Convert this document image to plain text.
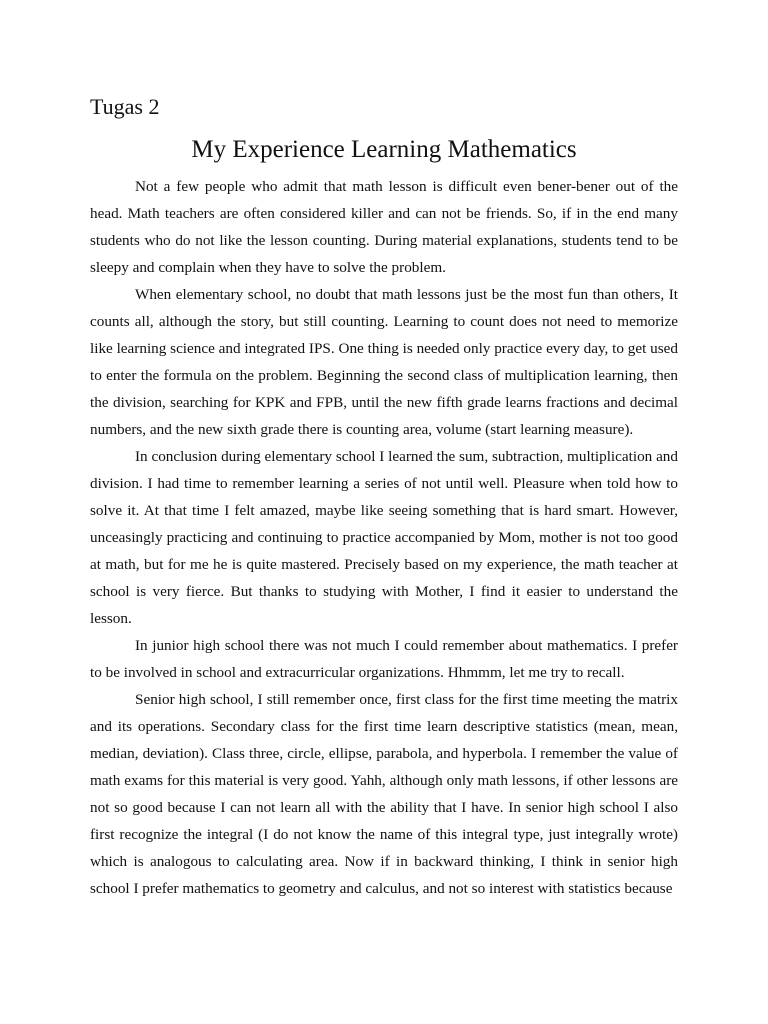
Tugas 2

My Experience Learning Mathematics

Not a few people who admit that math lesson is difficult even bener-bener out of the head. Math teachers are often considered killer and can not be friends. So, if in the end many students who do not like the lesson counting. During material explanations, students tend to be sleepy and complain when they have to solve the problem.

When elementary school, no doubt that math lessons just be the most fun than others, It counts all, although the story, but still counting. Learning to count does not need to memorize like learning science and integrated IPS. One thing is needed only practice every day, to get used to enter the formula on the problem. Beginning the second class of multiplication learning, then the division, searching for KPK and FPB, until the new fifth grade learns fractions and decimal numbers, and the new sixth grade there is counting area, volume (start learning measure).

In conclusion during elementary school I learned the sum, subtraction, multiplication and division. I had time to remember learning a series of not until well. Pleasure when told how to solve it. At that time I felt amazed, maybe like seeing something that is hard smart. However, unceasingly practicing and continuing to practice accompanied by Mom, mother is not too good at math, but for me he is quite mastered. Precisely based on my experience, the math teacher at school is very fierce. But thanks to studying with Mother, I find it easier to understand the lesson.

In junior high school there was not much I could remember about mathematics. I prefer to be involved in school and extracurricular organizations. Hhmmm, let me try to recall.

Senior high school, I still remember once, first class for the first time meeting the matrix and its operations. Secondary class for the first time learn descriptive statistics (mean, mean, median, deviation). Class three, circle, ellipse, parabola, and hyperbola. I remember the value of math exams for this material is very good. Yahh, although only math lessons, if other lessons are not so good because I can not learn all with the ability that I have. In senior high school I also first recognize the integral (I do not know the name of this integral type, just integrally wrote) which is analogous to calculating area. Now if in backward thinking, I think in senior high school I prefer mathematics to geometry and calculus, and not so interest with statistics because
